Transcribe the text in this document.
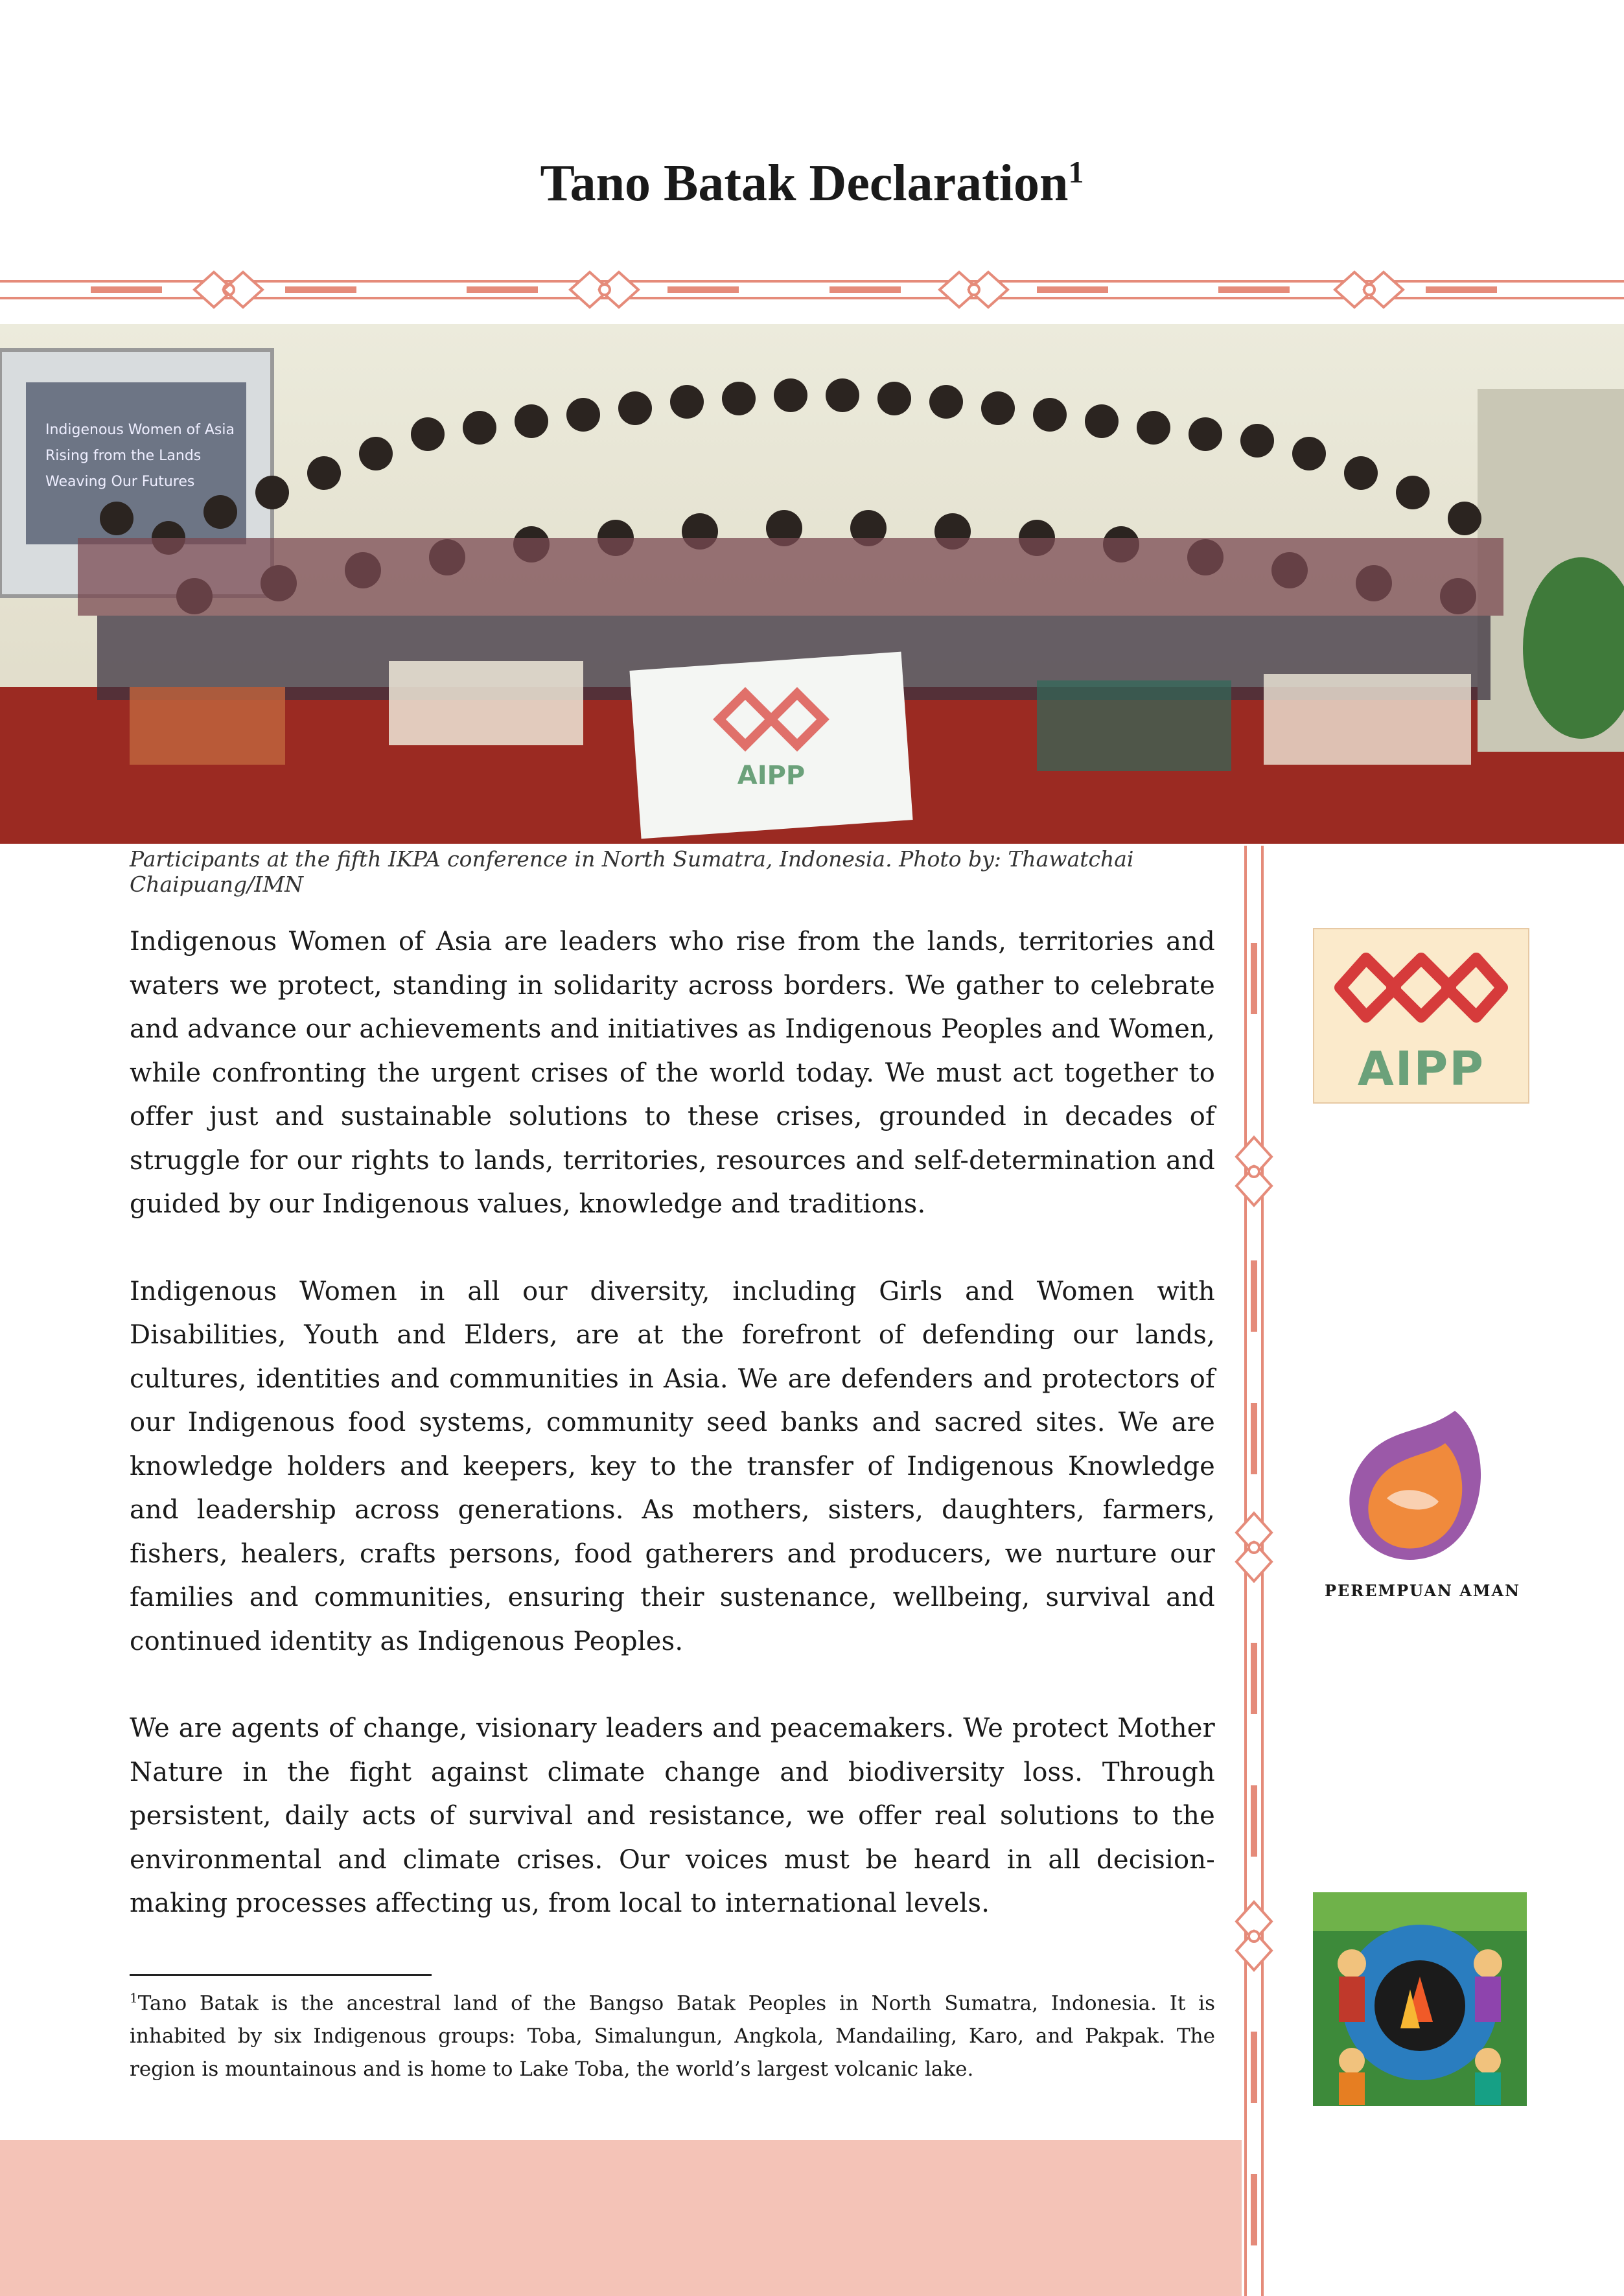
Tano Batak Declaration$^1$
Indigenous Women of Asia
Rising from the Lands
Weaving Our Futures
AIPP
Participants at the fifth IKPA conference in North Sumatra, Indonesia. Photo by: Thawatchai Chaipuang/IMN

Indigenous Women of Asia are leaders who rise from the lands, territories and waters we protect, standing in solidarity across borders. We gather to celebrate and advance our achievements and initiatives as Indigenous Peoples and Women, while confronting the urgent crises of the world today. We must act together to offer just and sustainable solutions to these crises, grounded in decades of struggle for our rights to lands, territories, resources and self-determination and guided by our Indigenous values, knowledge and traditions.

Indigenous Women in all our diversity, including Girls and Women with Disabilities, Youth and Elders, are at the forefront of defending our lands, cultures, identities and communities in Asia. We are defenders and protectors of our Indigenous food systems, community seed banks and sacred sites. We are knowledge holders and keepers, key to the transfer of Indigenous Knowledge and leadership across generations. As mothers, sisters, daughters, farmers, fishers, healers, crafts persons, food gatherers and producers, we nurture our families and communities, ensuring their sustenance, wellbeing, survival and continued identity as Indigenous Peoples.

We are agents of change, visionary leaders and peacemakers. We protect Mother Nature in the fight against climate change and biodiversity loss. Through persistent, daily acts of survival and resistance, we offer real solutions to the environmental and climate crises. Our voices must be heard in all decision-making processes affecting us, from local to international levels.

$^1$Tano Batak is the ancestral land of the Bangso Batak Peoples in North Sumatra, Indonesia. It is inhabited by six Indigenous groups: Toba, Simalungun, Angkola, Mandailing, Karo, and Pakpak. The region is mountainous and is home to Lake Toba, the world’s largest volcanic lake.
AIPP
PEREMPUAN AMAN
